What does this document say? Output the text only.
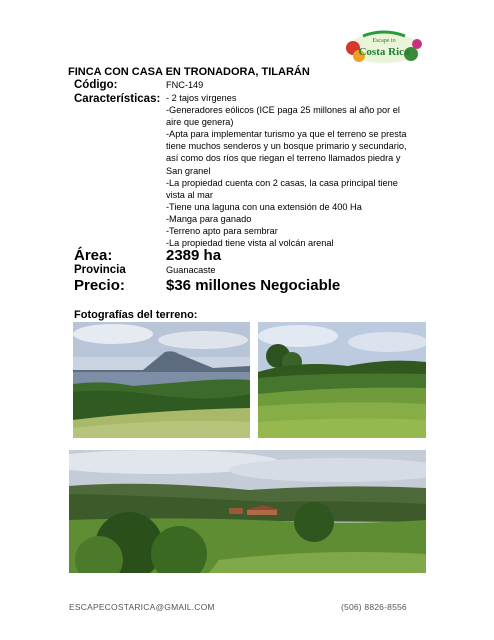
Escape to
Costa Rica
FINCA CON CASA EN TRONADORA, TILARÁN
Código:	FNC-149
Características: - 2 tajos vírgenes
-Generadores eólicos (ICE paga 25 millones al año por el
aire que genera)
-Apta para implementar turismo ya que el terreno se presta
tiene muchos senderos y un bosque primario y secundario,
así como dos ríos que riegan el terreno llamados piedra y
San granel
-La propiedad cuenta con 2 casas, la casa principal tiene
vista al mar
-Tiene una laguna con una extensión de 400 Ha
-Manga para ganado
-Terreno apto para sembrar
-La propiedad tiene vista al volcán arenal
Área:	2389 ha
Provincia	Guanacaste
Precio:	$36 millones Negociable
Fotografías del terreno:
ESCAPECOSTARICA@GMAIL.COM	(506) 8826-8556
